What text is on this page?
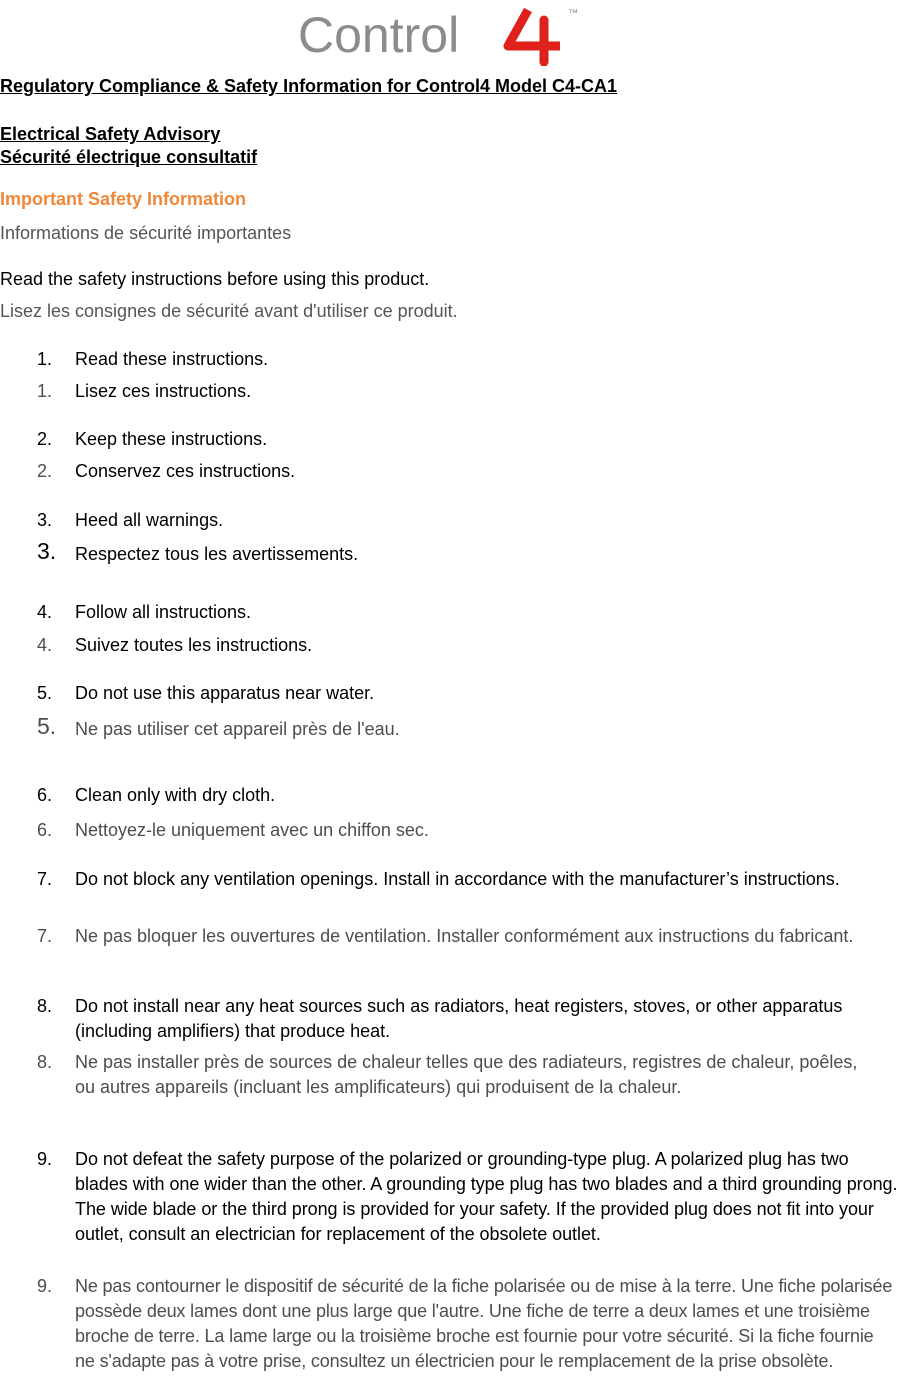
Control	™
Regulatory Compliance & Safety Information for Control4 Model C4-CA1
Electrical Safety Advisory
Sécurité électrique consultatif
Important Safety Information
Informations de sécurité importantes
Read the safety instructions before using this product.
Lisez les consignes de sécurité avant d'utiliser ce produit.
1. Read these instructions.
1. Lisez ces instructions.
2. Keep these instructions.
2. Conservez ces instructions.
3. Heed all warnings.
3. Respectez tous les avertissements.
4. Follow all instructions.
4. Suivez toutes les instructions.
5. Do not use this apparatus near water.
5. Ne pas utiliser cet appareil près de l'eau.
6. Clean only with dry cloth.
6. Nettoyez-le uniquement avec un chiffon sec.
7. Do not block any ventilation openings. Install in accordance with the manufacturer’s instructions.
7. Ne pas bloquer les ouvertures de ventilation. Installer conformément aux instructions du fabricant.
8. Do not install near any heat sources such as radiators, heat registers, stoves, or other apparatus (including amplifiers) that produce heat.
8. Ne pas installer près de sources de chaleur telles que des radiateurs, registres de chaleur, poêles, ou autres appareils (incluant les amplificateurs) qui produisent de la chaleur.
9. Do not defeat the safety purpose of the polarized or grounding-type plug. A polarized plug has two blades with one wider than the other. A grounding type plug has two blades and a third grounding prong. The wide blade or the third prong is provided for your safety. If the provided plug does not fit into your outlet, consult an electrician for replacement of the obsolete outlet.
9. Ne pas contourner le dispositif de sécurité de la fiche polarisée ou de mise à la terre. Une fiche polarisée possède deux lames dont une plus large que l'autre. Une fiche de terre a deux lames et une troisième broche de terre. La lame large ou la troisième broche est fournie pour votre sécurité. Si la fiche fournie ne s'adapte pas à votre prise, consultez un électricien pour le remplacement de la prise obsolète.
